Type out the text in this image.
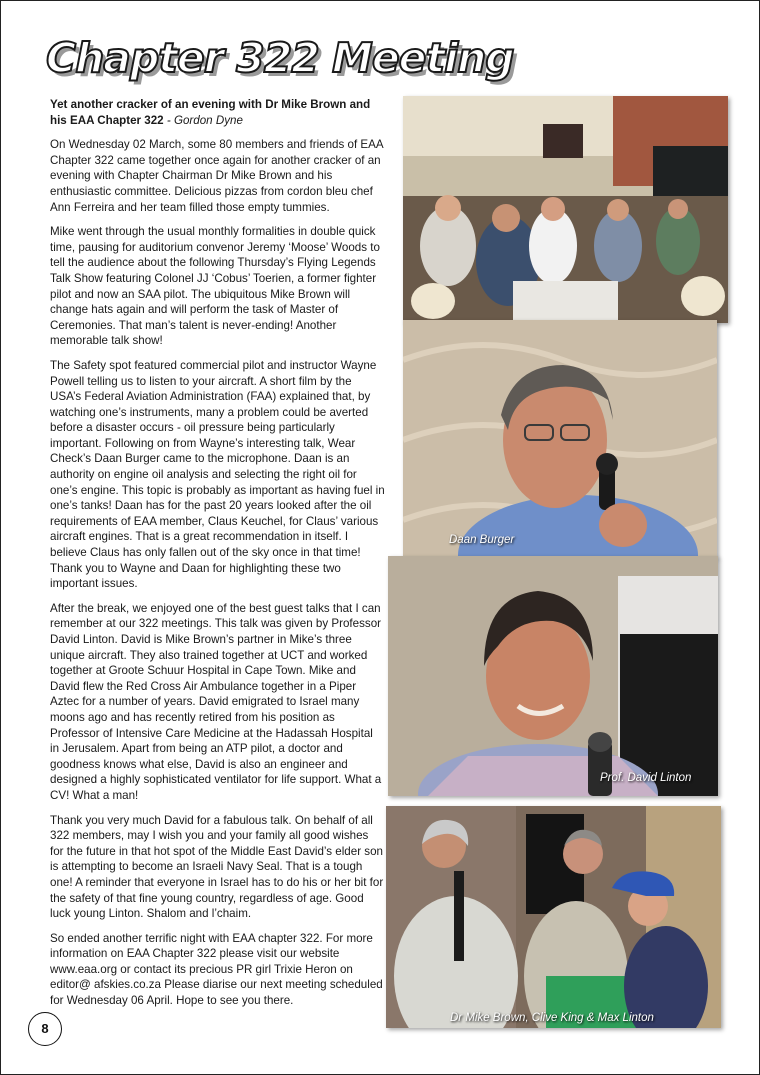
Chapter 322 Meeting

Yet another cracker of an evening with Dr Mike Brown and his EAA Chapter 322 - Gordon Dyne

On Wednesday 02 March, some 80 members and friends of EAA Chapter 322 came together once again for another cracker of an evening with Chapter Chairman Dr Mike Brown and his enthusiastic committee. Delicious pizzas from cordon bleu chef Ann Ferreira and her team filled those empty tummies.

Mike went through the usual monthly formalities in double quick time, pausing for auditorium convenor Jeremy ‘Moose’ Woods to tell the audience about the following Thursday’s Flying Legends Talk Show featuring Colonel JJ ‘Cobus’ Toerien, a former fighter pilot and now an SAA pilot. The ubiquitous Mike Brown will change hats again and will perform the task of Master of Ceremonies. That man’s talent is never-ending! Another memorable talk show!

The Safety spot featured commercial pilot and instructor Wayne Powell telling us to listen to your aircraft. A short film by the USA’s Federal Aviation Administration (FAA) explained that, by watching one’s instruments, many a problem could be averted before a disaster occurs - oil pressure being particularly important. Following on from Wayne’s interesting talk, Wear Check’s Daan Burger came to the microphone. Daan is an authority on engine oil analysis and selecting the right oil for one’s engine. This topic is probably as important as having fuel in one’s tanks! Daan has for the past 20 years looked after the oil requirements of EAA member, Claus Keuchel, for Claus’ various aircraft engines. That is a great recommendation in itself. I believe Claus has only fallen out of the sky once in that time! Thank you to Wayne and Daan for highlighting these two important issues.

After the break, we enjoyed one of the best guest talks that I can remember at our 322 meetings. This talk was given by Professor David Linton. David is Mike Brown’s partner in Mike’s three unique aircraft. They also trained together at UCT and worked together at Groote Schuur Hospital in Cape Town. Mike and David flew the Red Cross Air Ambulance together in a Piper Aztec for a number of years. David emigrated to Israel many moons ago and has recently retired from his position as Professor of Intensive Care Medicine at the Hadassah Hospital in Jerusalem. Apart from being an ATP pilot, a doctor and goodness knows what else, David is also an engineer and designed a highly sophisticated ventilator for life support. What a CV! What a man!

Thank you very much David for a fabulous talk. On behalf of all 322 members, may I wish you and your family all good wishes for the future in that hot spot of the Middle East David’s elder son is attempting to become an Israeli Navy Seal. That is a tough one! A reminder that everyone in Israel has to do his or her bit for the safety of that fine young country, regardless of age. Good luck young Linton. Shalom and l’chaim.

So ended another terrific night with EAA chapter 322. For more information on EAA Chapter 322 please visit our website www.eaa.org or contact its precious PR girl Trixie Heron on editor@ afskies.co.za Please diarise our next meeting scheduled for Wednesday 06 April. Hope to see you there.

Daan Burger
Prof. David Linton
Dr Mike Brown, Clive King & Max Linton
8
